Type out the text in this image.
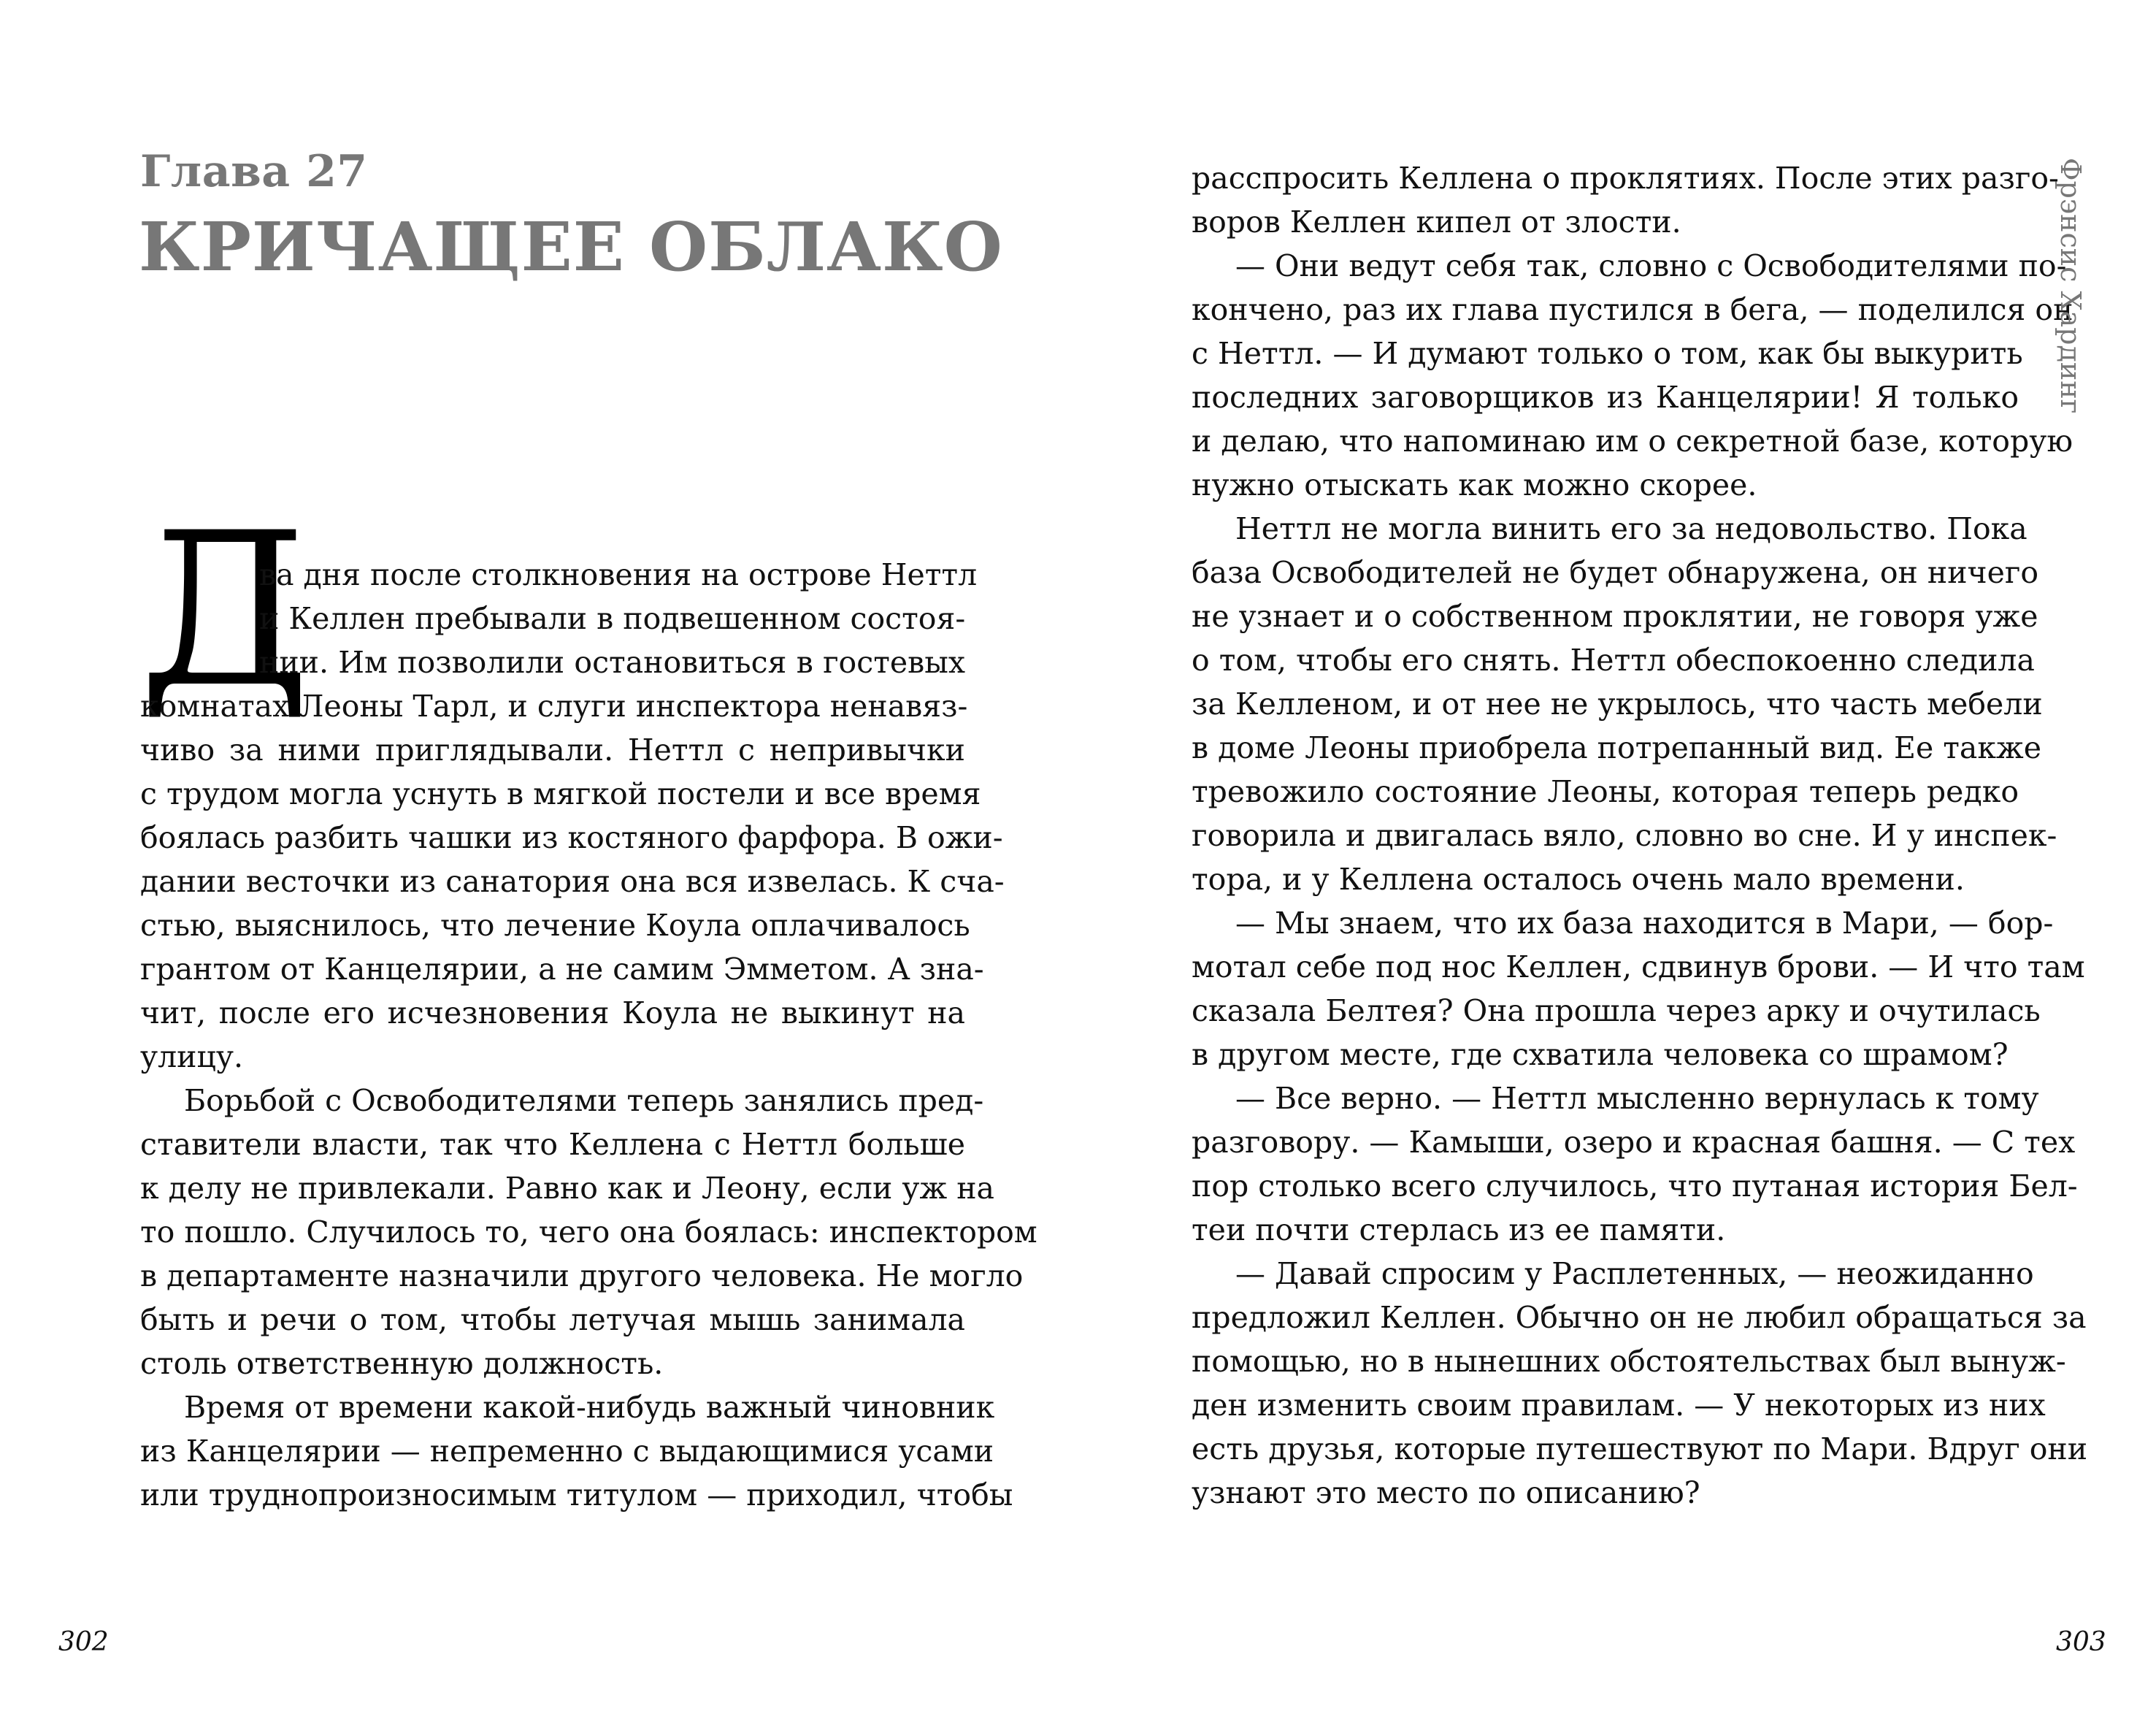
Глава 27
КРИЧАЩЕЕ ОБЛАКО
Д
ва дня после столкновения на острове Неттл
и Келлен пребывали в подвешенном состоя-
нии. Им позволили остановиться в гостевых
комнатах Леоны Тарл, и слуги инспектора ненавяз-
чиво за ними приглядывали. Неттл с непривычки
с трудом могла уснуть в мягкой постели и все время
боялась разбить чашки из костяного фарфора. В ожи-
дании весточки из санатория она вся извелась. К сча-
стью, выяснилось, что лечение Коула оплачивалось
грантом от Канцелярии, а не самим Эмметом. А зна-
чит, после его исчезновения Коула не выкинут на
улицу.
Борьбой с Освободителями теперь занялись пред-
ставители власти, так что Келлена с Неттл больше
к делу не привлекали. Равно как и Леону, если уж на
то пошло. Случилось то, чего она боялась: инспектором
в департаменте назначили другого человека. Не могло
быть и речи о том, чтобы летучая мышь занимала
столь ответственную должность.
Время от времени какой-нибудь важный чиновник
из Канцелярии — непременно с выдающимися усами
или труднопроизносимым титулом — приходил, чтобы
302
расспросить Келлена о проклятиях. После этих разго-
воров Келлен кипел от злости.
— Они ведут себя так, словно с Освободителями по-
кончено, раз их глава пустился в бега, — поделился он
с Неттл. — И думают только о том, как бы выкурить
последних заговорщиков из Канцелярии! Я только
и делаю, что напоминаю им о секретной базе, которую
нужно отыскать как можно скорее.
Неттл не могла винить его за недовольство. Пока
база Освободителей не будет обнаружена, он ничего
не узнает и о собственном проклятии, не говоря уже
о том, чтобы его снять. Неттл обеспокоенно следила
за Келленом, и от нее не укрылось, что часть мебели
в доме Леоны приобрела потрепанный вид. Ее также
тревожило состояние Леоны, которая теперь редко
говорила и двигалась вяло, словно во сне. И у инспек-
тора, и у Келлена осталось очень мало времени.
— Мы знаем, что их база находится в Мари, — бор-
мотал себе под нос Келлен, сдвинув брови. — И что там
сказала Белтея? Она прошла через арку и очутилась
в другом месте, где схватила человека со шрамом?
— Все верно. — Неттл мысленно вернулась к тому
разговору. — Камыши, озеро и красная башня. — С тех
пор столько всего случилось, что путаная история Бел-
теи почти стерлась из ее памяти.
— Давай спросим у Расплетенных, — неожиданно
предложил Келлен. Обычно он не любил обращаться за
помощью, но в нынешних обстоятельствах был вынуж-
ден изменить своим правилам. — У некоторых из них
есть друзья, которые путешествуют по Мари. Вдруг они
узнают это место по описанию?
Фрэнсис Хардинг
303
